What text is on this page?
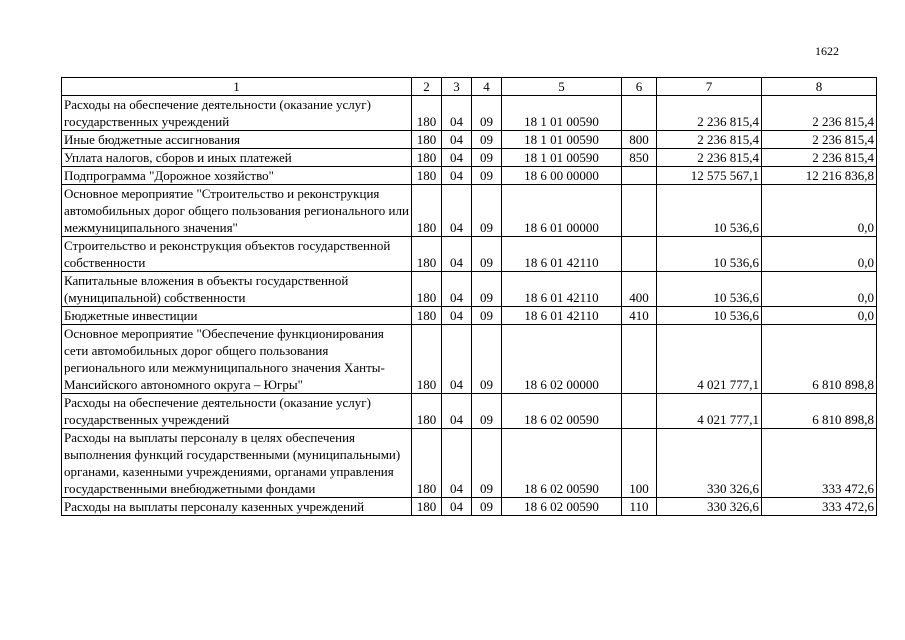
1622
1	2	3	4	5	6	7	8
Расходы на обеспечение деятельности (оказание услуг) государственных учреждений	180	04	09	18 1 01 00590		2 236 815,4	2 236 815,4
Иные бюджетные ассигнования	180	04	09	18 1 01 00590	800	2 236 815,4	2 236 815,4
Уплата налогов, сборов и иных платежей	180	04	09	18 1 01 00590	850	2 236 815,4	2 236 815,4
Подпрограмма "Дорожное хозяйство"	180	04	09	18 6 00 00000		12 575 567,1	12 216 836,8
Основное мероприятие "Строительство и реконструкция автомобильных дорог общего пользования регионального или межмуниципального значения"	180	04	09	18 6 01 00000		10 536,6	0,0
Строительство и реконструкция объектов государственной собственности	180	04	09	18 6 01 42110		10 536,6	0,0
Капитальные вложения в объекты государственной (муниципальной) собственности	180	04	09	18 6 01 42110	400	10 536,6	0,0
Бюджетные инвестиции	180	04	09	18 6 01 42110	410	10 536,6	0,0
Основное мероприятие "Обеспечение функционирования сети автомобильных дорог общего пользования регионального или межмуниципального значения Ханты-Мансийского автономного округа – Югры"	180	04	09	18 6 02 00000		4 021 777,1	6 810 898,8
Расходы на обеспечение деятельности (оказание услуг) государственных учреждений	180	04	09	18 6 02 00590		4 021 777,1	6 810 898,8
Расходы на выплаты персоналу в целях обеспечения выполнения функций государственными (муниципальными) органами, казенными учреждениями, органами управления государственными внебюджетными фондами	180	04	09	18 6 02 00590	100	330 326,6	333 472,6
Расходы на выплаты персоналу казенных учреждений	180	04	09	18 6 02 00590	110	330 326,6	333 472,6
